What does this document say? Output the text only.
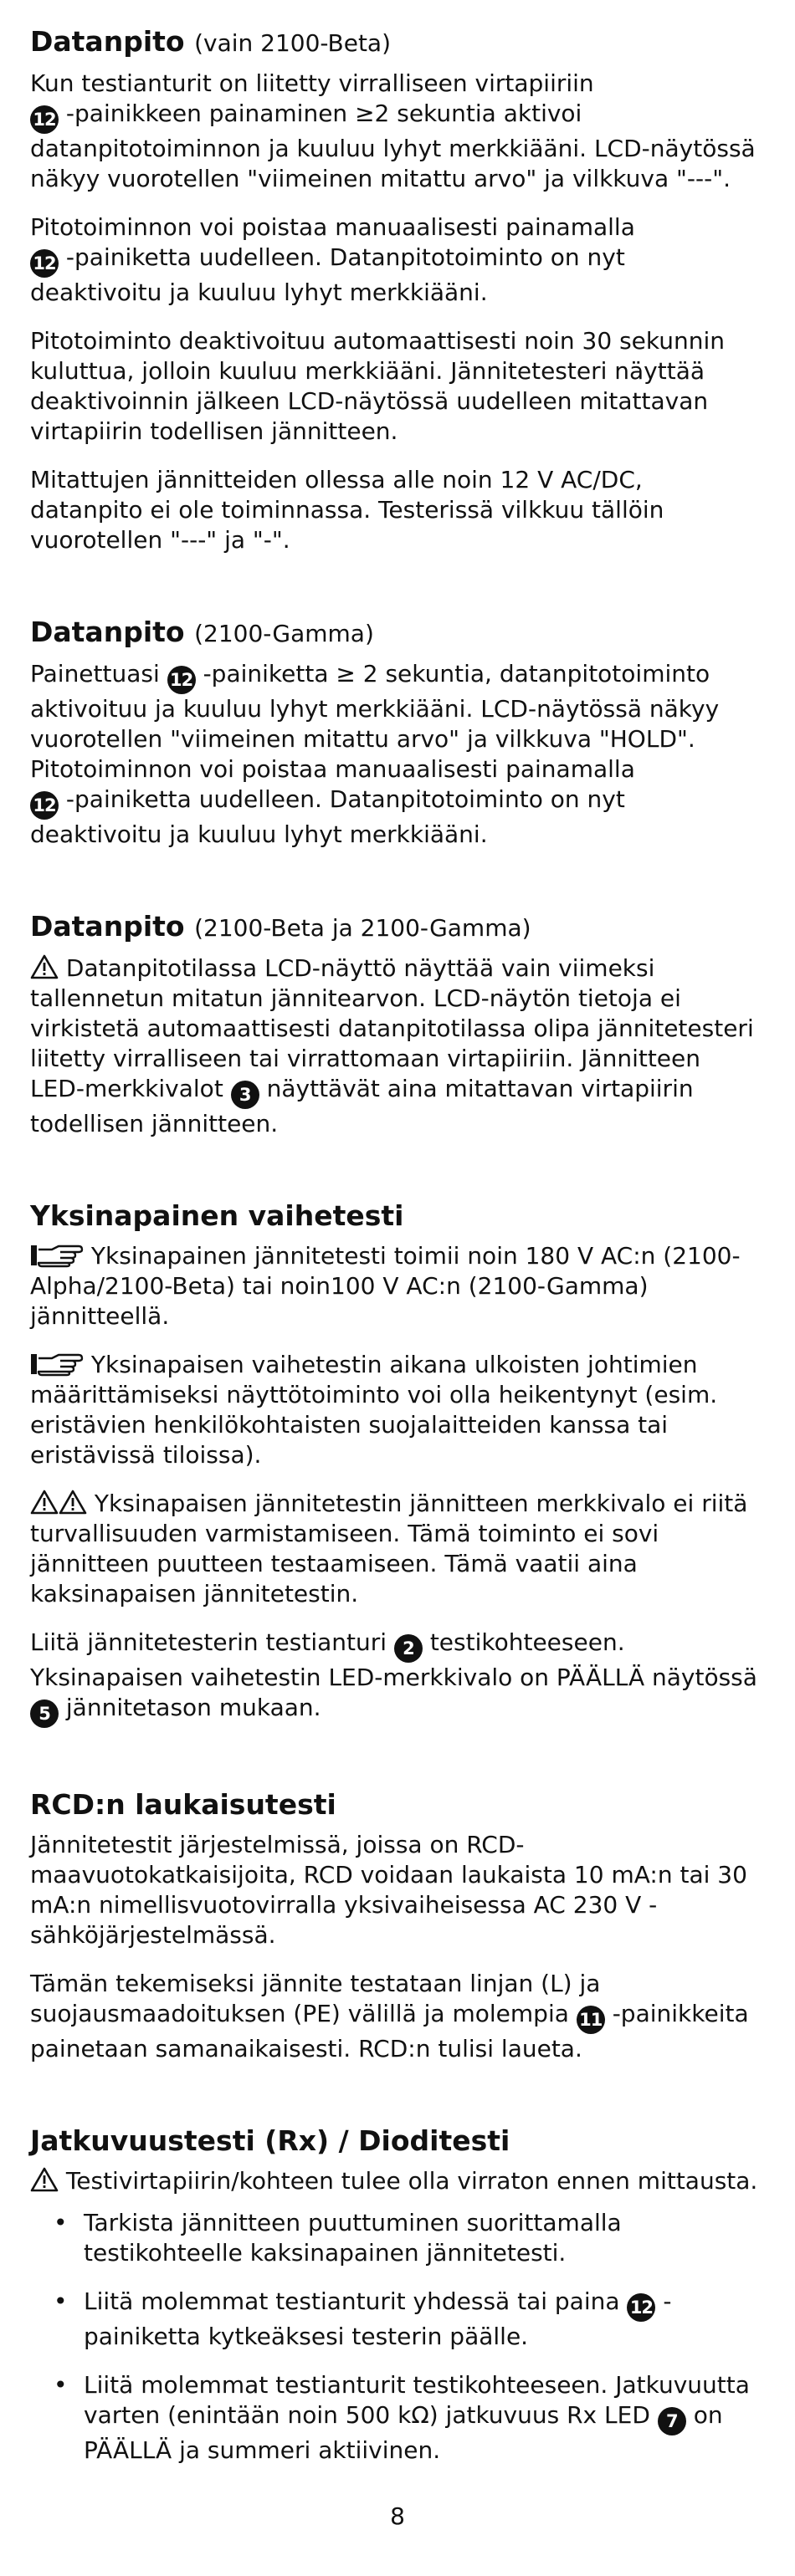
Datanpito (vain 2100-Beta)

Kun testianturit on liitetty virralliseen virtapiiriin
12 -painikkeen painaminen ≥2 sekuntia aktivoi datanpitotoiminnon ja kuuluu lyhyt merkkiääni. LCD-näytössä näkyy vuorotellen "viimeinen mitattu arvo" ja vilkkuva "---".

Pitotoiminnon voi poistaa manuaalisesti painamalla
12 -painiketta uudelleen. Datanpitotoiminto on nyt deaktivoitu ja kuuluu lyhyt merkkiääni.

Pitotoiminto deaktivoituu automaattisesti noin 30 sekunnin kuluttua, jolloin kuuluu merkkiääni. Jännitetesteri näyttää deaktivoinnin jälkeen LCD-näytössä uudelleen mitattavan virtapiirin todellisen jännitteen.

Mitattujen jännitteiden ollessa alle noin 12 V AC/DC, datanpito ei ole toiminnassa. Testerissä vilkkuu tällöin vuorotellen "---" ja "-".

Datanpito (2100-Gamma)

Painettuasi 12 -painiketta ≥ 2 sekuntia, datanpitotoiminto aktivoituu ja kuuluu lyhyt merkkiääni. LCD-näytössä näkyy vuorotellen "viimeinen mitattu arvo" ja vilkkuva "HOLD". Pitotoiminnon voi poistaa manuaalisesti painamalla
12 -painiketta uudelleen. Datanpitotoiminto on nyt deaktivoitu ja kuuluu lyhyt merkkiääni.

Datanpito (2100-Beta ja 2100-Gamma)

Datanpitotilassa LCD-näyttö näyttää vain viimeksi tallennetun mitatun jännitearvon. LCD-näytön tietoja ei virkistetä automaattisesti datanpitotilassa olipa jännitetesteri liitetty virralliseen tai virrattomaan virtapiiriin. Jännitteen LED-merkkivalot 3 näyttävät aina mitattavan virtapiirin todellisen jännitteen.

Yksinapainen vaihetesti

Yksinapainen jännitetesti toimii noin 180 V AC:n (2100-Alpha/2100-Beta) tai noin100 V AC:n (2100-Gamma) jännitteellä.

Yksinapaisen vaihetestin aikana ulkoisten johtimien määrittämiseksi näyttötoiminto voi olla heikentynyt (esim. eristävien henkilökohtaisten suojalaitteiden kanssa tai eristävissä tiloissa).

Yksinapaisen jännitetestin jännitteen merkkivalo ei riitä turvallisuuden varmistamiseen. Tämä toiminto ei sovi jännitteen puutteen testaamiseen. Tämä vaatii aina kaksinapaisen jännitetestin.

Liitä jännitetesterin testianturi 2 testikohteeseen. Yksinapaisen vaihetestin LED-merkkivalo on PÄÄLLÄ näytössä 5 jännitetason mukaan.

RCD:n laukaisutesti

Jännitetestit järjestelmissä, joissa on RCD-maavuotokatkaisijoita, RCD voidaan laukaista 10 mA:n tai 30 mA:n nimellisvuotovirralla yksivaiheisessa AC 230 V -sähköjärjestelmässä.

Tämän tekemiseksi jännite testataan linjan (L) ja suojausmaadoituksen (PE) välillä ja molempia 11 -painikkeita painetaan samanaikaisesti. RCD:n tulisi laueta.

Jatkuvuustesti (Rx) / Dioditesti

Testivirtapiirin/kohteen tulee olla virraton ennen mittausta.

• Tarkista jännitteen puuttuminen suorittamalla testikohteelle kaksinapainen jännitetesti.
• Liitä molemmat testianturit yhdessä tai paina 12 -painiketta kytkeäksesi testerin päälle.
• Liitä molemmat testianturit testikohteeseen. Jatkuvuutta varten (enintään noin 500 kΩ) jatkuvuus Rx LED 7 on PÄÄLLÄ ja summeri aktiivinen.
8
